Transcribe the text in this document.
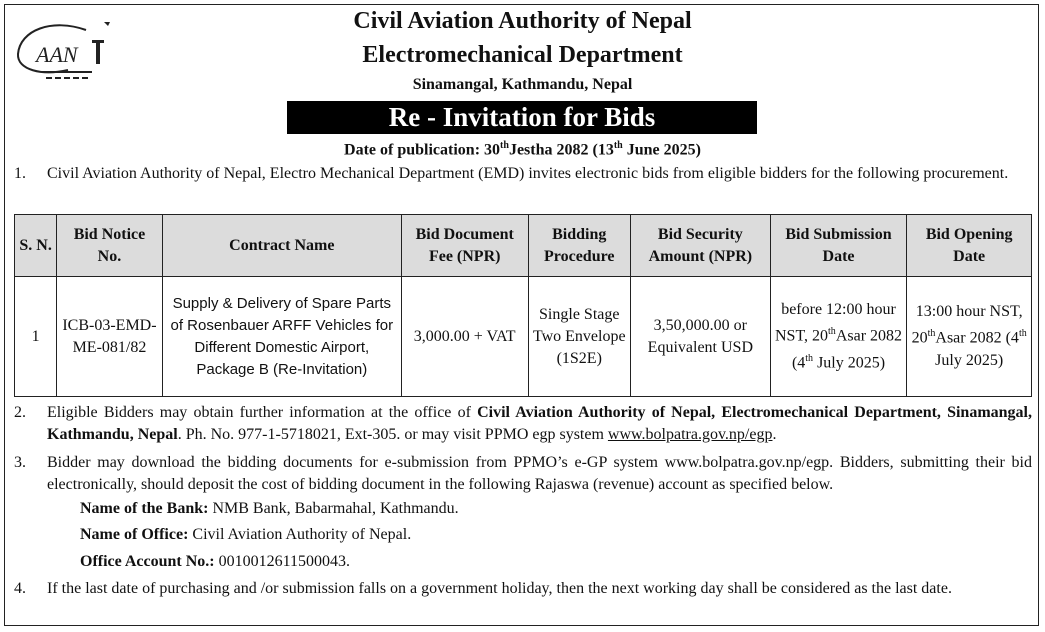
AAN
Civil Aviation Authority of Nepal
Electromechanical Department
Sinamangal, Kathmandu, Nepal
Re - Invitation for Bids
Date of publication: 30thJestha 2082 (13th June 2025)
1. Civil Aviation Authority of Nepal, Electro Mechanical Department (EMD) invites electronic bids from eligible bidders for the following procurement.
S. N.	Bid Notice No.	Contract Name	Bid Document Fee (NPR)	Bidding Procedure	Bid Security Amount (NPR)	Bid Submission Date	Bid Opening Date
1	ICB-03-EMD-ME-081/82	Supply & Delivery of Spare Parts of Rosenbauer ARFF Vehicles for Different Domestic Airport, Package B (Re-Invitation)	3,000.00 + VAT	Single Stage Two Envelope (1S2E)	3,50,000.00 or Equivalent USD	before 12:00 hour NST, 20thAsar 2082 (4th July 2025)	13:00 hour NST, 20thAsar 2082 (4th July 2025)
2. Eligible Bidders may obtain further information at the office of Civil Aviation Authority of Nepal, Electromechanical Department, Sinamangal, Kathmandu, Nepal. Ph. No. 977-1-5718021, Ext-305. or may visit PPMO egp system www.bolpatra.gov.np/egp.
3. Bidder may download the bidding documents for e-submission from PPMO’s e-GP system www.bolpatra.gov.np/egp. Bidders, submitting their bid electronically, should deposit the cost of bidding document in the following Rajaswa (revenue) account as specified below.
Name of the Bank: NMB Bank, Babarmahal, Kathmandu.
Name of Office: Civil Aviation Authority of Nepal.
Office Account No.: 0010012611500043.
4. If the last date of purchasing and /or submission falls on a government holiday, then the next working day shall be considered as the last date.
